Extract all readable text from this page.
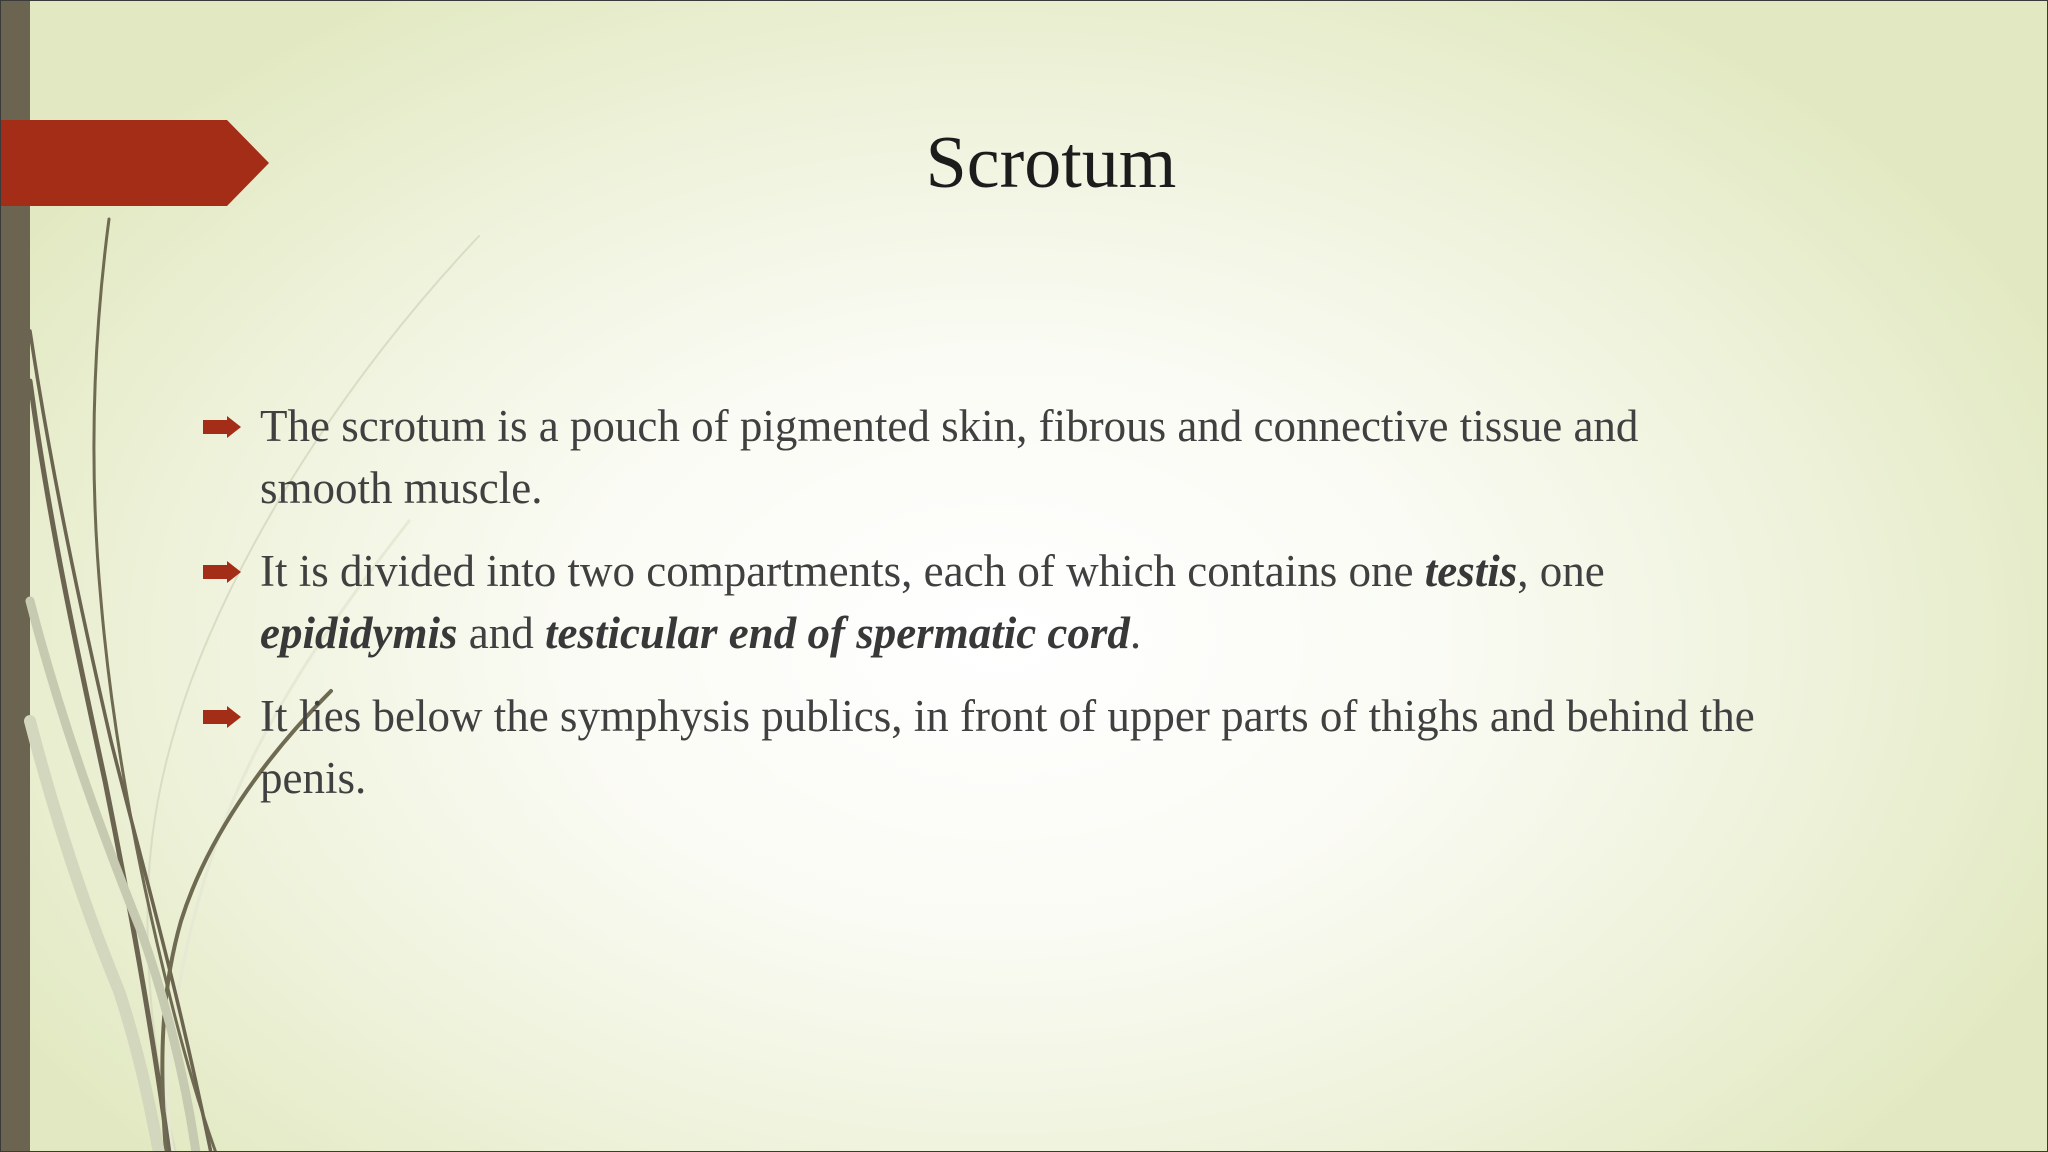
Scrotum
The scrotum is a pouch of pigmented skin, fibrous and connective tissue and smooth muscle.
It is divided into two compartments, each of which contains one testis, one epididymis and testicular end of spermatic cord.
It lies below the symphysis publics, in front of upper parts of thighs and behind the penis.
